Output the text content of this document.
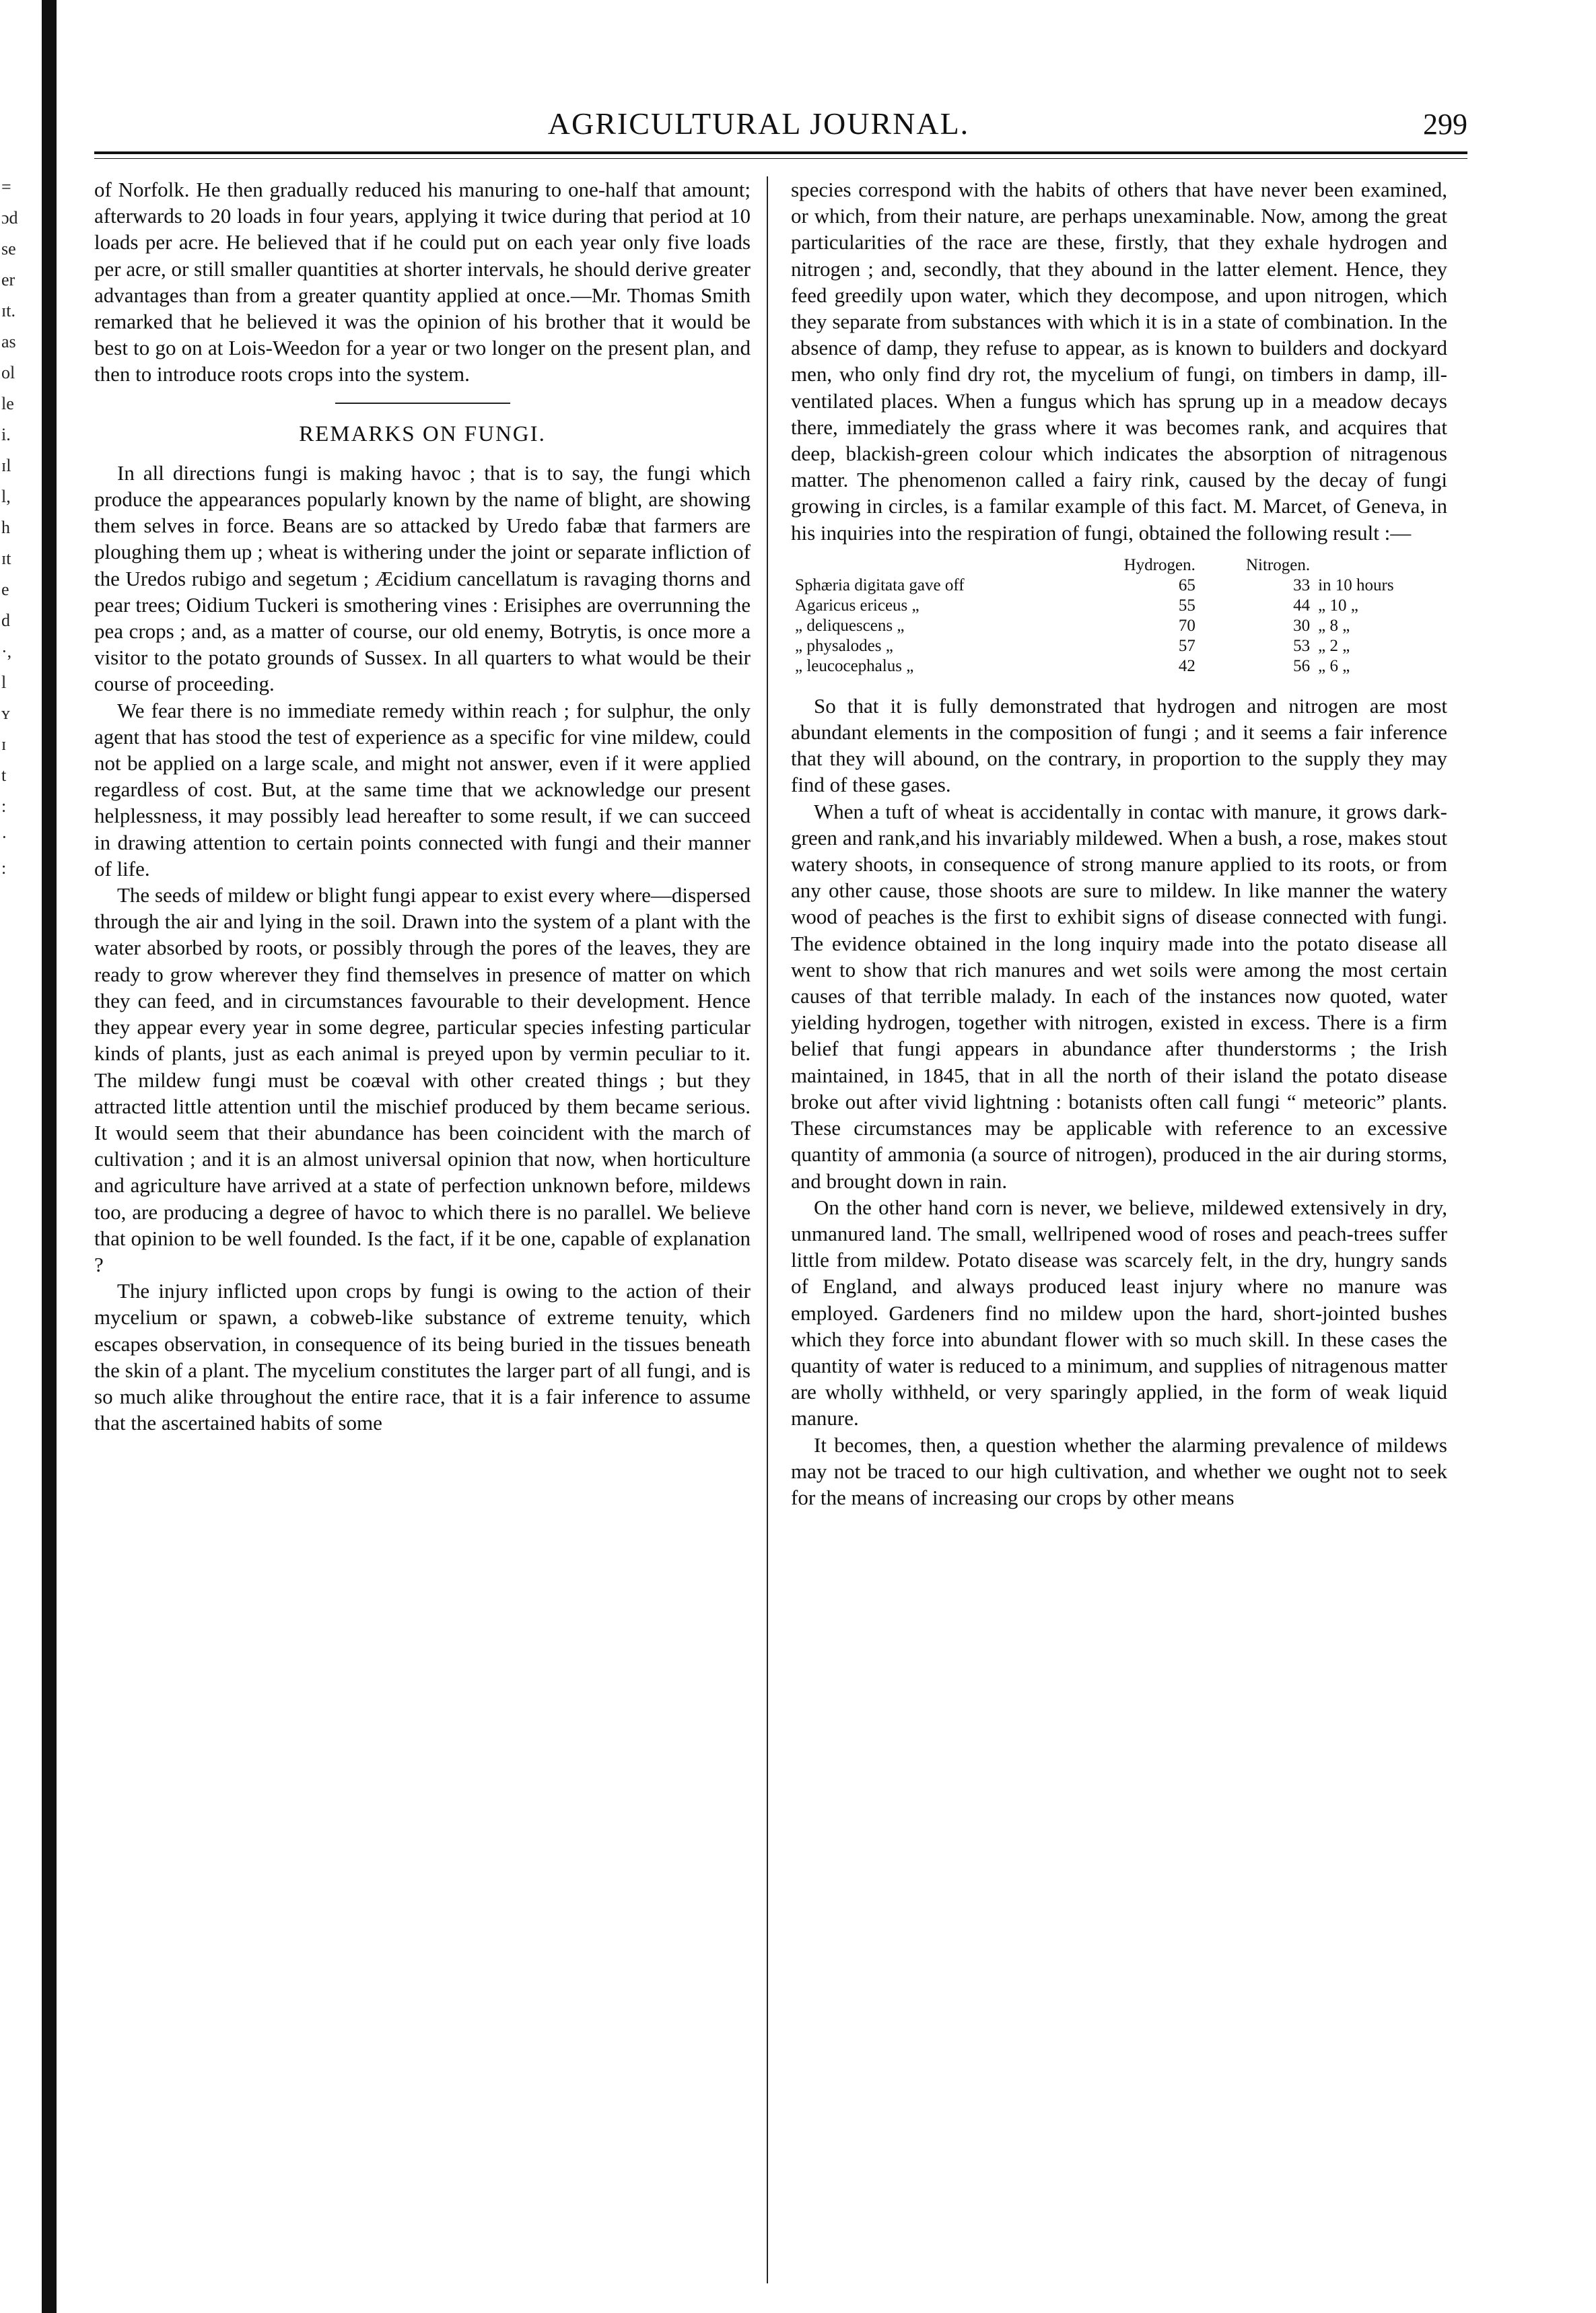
=
ɔd
se
er
ɪt.
as
ol
le
i.
ɪl
l,
h
ɪt
e
d
·,
l
ʏ
ɪ
t
:
·
:
AGRICULTURAL JOURNAL.	299

of Norfolk. He then gradually reduced his manuring to one-half that amount; afterwards to 20 loads in four years, applying it twice during that period at 10 loads per acre. He believed that if he could put on each year only five loads per acre, or still smaller quantities at shorter intervals, he should derive greater advantages than from a greater quantity applied at once.—Mr. Thomas Smith remarked that he believed it was the opinion of his brother that it would be best to go on at Lois-Weedon for a year or two longer on the present plan, and then to introduce roots crops into the system.

REMARKS ON FUNGI.

In all directions fungi is making havoc ; that is to say, the fungi which produce the appearances popularly known by the name of blight, are showing them selves in force. Beans are so attacked by Uredo fabæ that farmers are ploughing them up ; wheat is withering under the joint or separate infliction of the Uredos rubigo and segetum ; Æcidium cancellatum is ravaging thorns and pear trees; Oidium Tuckeri is smothering vines : Erisiphes are overrunning the pea crops ; and, as a matter of course, our old enemy, Botrytis, is once more a visitor to the potato grounds of Sussex. In all quarters to what would be their course of proceeding.

We fear there is no immediate remedy within reach ; for sulphur, the only agent that has stood the test of experience as a specific for vine mildew, could not be applied on a large scale, and might not answer, even if it were applied regardless of cost. But, at the same time that we acknowledge our present helplessness, it may possibly lead hereafter to some result, if we can succeed in drawing attention to certain points connected with fungi and their manner of life.

The seeds of mildew or blight fungi appear to exist every where—dispersed through the air and lying in the soil. Drawn into the system of a plant with the water absorbed by roots, or possibly through the pores of the leaves, they are ready to grow wherever they find themselves in presence of matter on which they can feed, and in circumstances favourable to their development. Hence they appear every year in some degree, particular species infesting particular kinds of plants, just as each animal is preyed upon by vermin peculiar to it. The mildew fungi must be coæval with other created things ; but they attracted little attention until the mischief produced by them became serious. It would seem that their abundance has been coincident with the march of cultivation ; and it is an almost universal opinion that now, when horticulture and agriculture have arrived at a state of perfection unknown before, mildews too, are producing a degree of havoc to which there is no parallel. We believe that opinion to be well founded. Is the fact, if it be one, capable of explanation ?

The injury inflicted upon crops by fungi is owing to the action of their mycelium or spawn, a cobweb-like substance of extreme tenuity, which escapes observation, in consequence of its being buried in the tissues beneath the skin of a plant. The mycelium constitutes the larger part of all fungi, and is so much alike throughout the entire race, that it is a fair inference to assume that the ascertained habits of some

species correspond with the habits of others that have never been examined, or which, from their nature, are perhaps unexaminable. Now, among the great particularities of the race are these, firstly, that they exhale hydrogen and nitrogen ; and, secondly, that they abound in the latter element. Hence, they feed greedily upon water, which they decompose, and upon nitrogen, which they separate from substances with which it is in a state of combination. In the absence of damp, they refuse to appear, as is known to builders and dockyard men, who only find dry rot, the mycelium of fungi, on timbers in damp, ill-ventilated places. When a fungus which has sprung up in a meadow decays there, immediately the grass where it was becomes rank, and acquires that deep, blackish-green colour which indicates the absorption of nitragenous matter. The phenomenon called a fairy rink, caused by the decay of fungi growing in circles, is a familar example of this fact. M. Marcet, of Geneva, in his inquiries into the respiration of fungi, obtained the following result :—

	Hydrogen.	Nitrogen.	
Sphæria digitata gave off	65	33	in 10 hours
Agaricus ericeus „	55	44	„ 10 „
„ deliquescens „	70	30	„ 8 „
„ physalodes „	57	53	„ 2 „
„ leucocephalus „	42	56	„ 6 „

So that it is fully demonstrated that hydrogen and nitrogen are most abundant elements in the composition of fungi ; and it seems a fair inference that they will abound, on the contrary, in proportion to the supply they may find of these gases.

When a tuft of wheat is accidentally in contac with manure, it grows dark-green and rank,and his invariably mildewed. When a bush, a rose, makes stout watery shoots, in consequence of strong manure applied to its roots, or from any other cause, those shoots are sure to mildew. In like manner the watery wood of peaches is the first to exhibit signs of disease connected with fungi. The evidence obtained in the long inquiry made into the potato disease all went to show that rich manures and wet soils were among the most certain causes of that terrible malady. In each of the instances now quoted, water yielding hydrogen, together with nitrogen, existed in excess. There is a firm belief that fungi appears in abundance after thunderstorms ; the Irish maintained, in 1845, that in all the north of their island the potato disease broke out after vivid lightning : botanists often call fungi “ meteoric” plants. These circumstances may be applicable with reference to an excessive quantity of ammonia (a source of nitrogen), produced in the air during storms, and brought down in rain.

On the other hand corn is never, we believe, mildewed extensively in dry, unmanured land. The small, wellripened wood of roses and peach-trees suffer little from mildew. Potato disease was scarcely felt, in the dry, hungry sands of England, and always produced least injury where no manure was employed. Gardeners find no mildew upon the hard, short-jointed bushes which they force into abundant flower with so much skill. In these cases the quantity of water is reduced to a minimum, and supplies of nitragenous matter are wholly withheld, or very sparingly applied, in the form of weak liquid manure.

It becomes, then, a question whether the alarming prevalence of mildews may not be traced to our high cultivation, and whether we ought not to seek for the means of increasing our crops by other means
